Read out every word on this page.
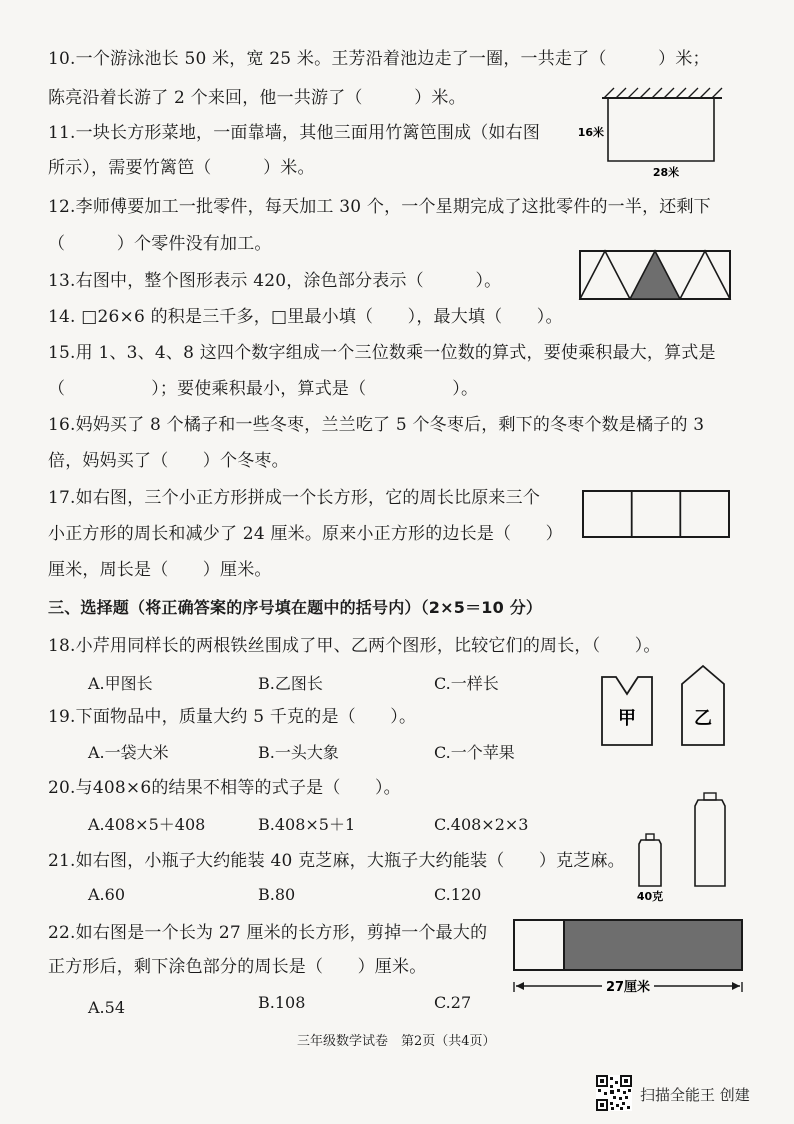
10.一个游泳池长 50 米，宽 25 米。王芳沿着池边走了一圈，一共走了（　　　）米；
陈亮沿着长游了 2 个来回，他一共游了（　　　）米。
11.一块长方形菜地，一面靠墙，其他三面用竹篱笆围成（如右图
所示），需要竹篱笆（　　　）米。
16米
28米
12.李师傅要加工一批零件，每天加工 30 个，一个星期完成了这批零件的一半，还剩下
（　　　）个零件没有加工。
13.右图中，整个图形表示 420，涂色部分表示（　　　）。
14. □26×6 的积是三千多，□里最小填（　　），最大填（　　）。
15.用 1、3、4、8 这四个数字组成一个三位数乘一位数的算式，要使乘积最大，算式是
（　　　　　）；要使乘积最小，算式是（　　　　　）。
16.妈妈买了 8 个橘子和一些冬枣，兰兰吃了 5 个冬枣后，剩下的冬枣个数是橘子的 3
倍，妈妈买了（　　）个冬枣。
17.如右图，三个小正方形拼成一个长方形，它的周长比原来三个
小正方形的周长和减少了 24 厘米。原来小正方形的边长是（　　）
厘米，周长是（　　）厘米。
三、选择题（将正确答案的序号填在题中的括号内）（2×5＝10 分）
18.小芹用同样长的两根铁丝围成了甲、乙两个图形，比较它们的周长，（　　）。
A.甲图长	B.乙图长	C.一样长
甲	乙
19.下面物品中，质量大约 5 千克的是（　　）。
A.一袋大米	B.一头大象	C.一个苹果
20.与408×6的结果不相等的式子是（　　）。
A.408×5＋408	B.408×5＋1	C.408×2×3
21.如右图，小瓶子大约能装 40 克芝麻，大瓶子大约能装（　　）克芝麻。
A.60	B.80	C.120	40克
22.如右图是一个长为 27 厘米的长方形，剪掉一个最大的
正方形后，剩下涂色部分的周长是（　　）厘米。
A.54	B.108	C.27
27厘米
三年级数学试卷　第2页（共4页）
扫描全能王 创建
